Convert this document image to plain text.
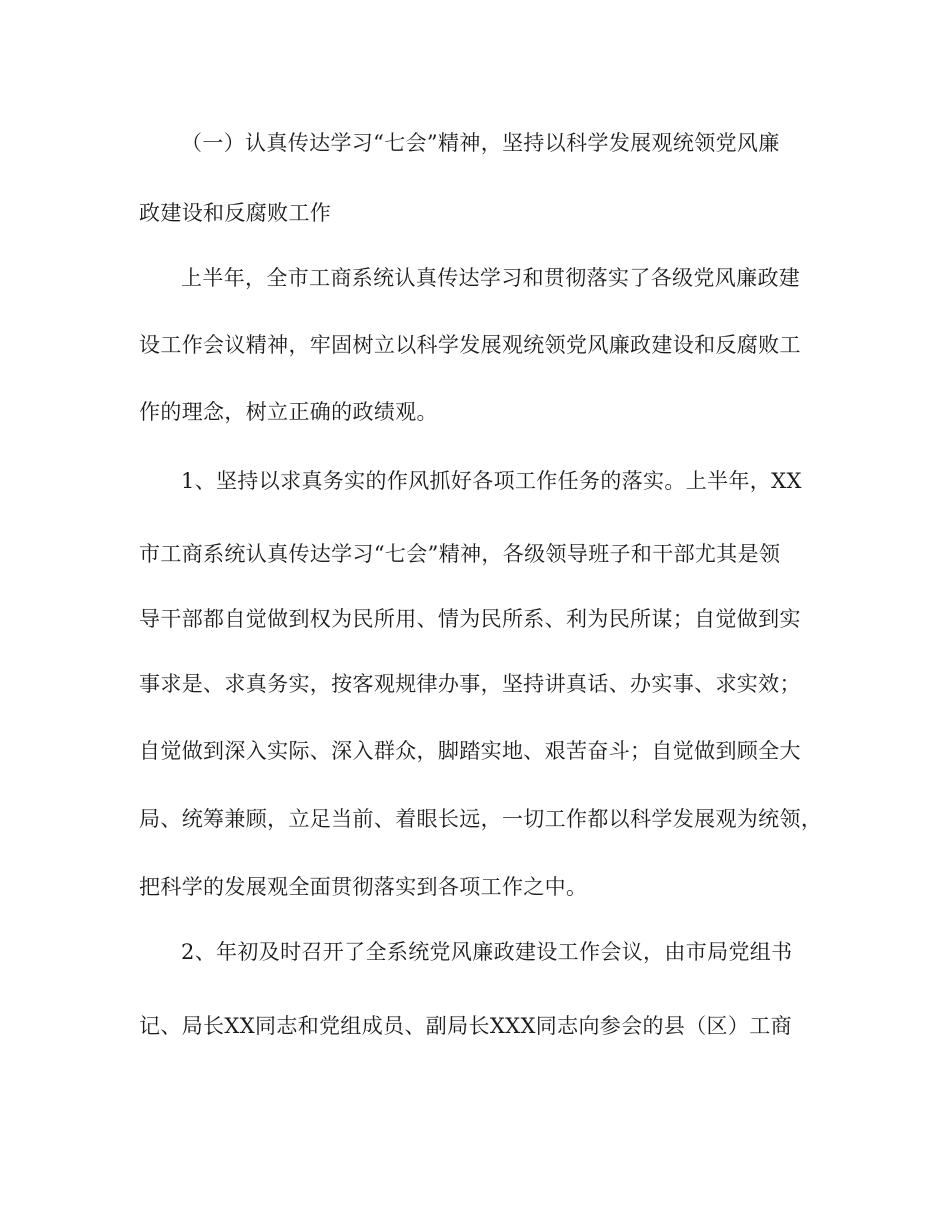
（一）认真传达学习“七会”精神，坚持以科学发展观统领党风廉
政建设和反腐败工作
上半年，全市工商系统认真传达学习和贯彻落实了各级党风廉政建
设工作会议精神，牢固树立以科学发展观统领党风廉政建设和反腐败工
作的理念，树立正确的政绩观。
1、坚持以求真务实的作风抓好各项工作任务的落实。上半年，XX
市工商系统认真传达学习“七会”精神，各级领导班子和干部尤其是领
导干部都自觉做到权为民所用、情为民所系、利为民所谋；自觉做到实
事求是、求真务实，按客观规律办事，坚持讲真话、办实事、求实效；
自觉做到深入实际、深入群众，脚踏实地、艰苦奋斗；自觉做到顾全大
局、统筹兼顾，立足当前、着眼长远，一切工作都以科学发展观为统领，
把科学的发展观全面贯彻落实到各项工作之中。
2、年初及时召开了全系统党风廉政建设工作会议，由市局党组书
记、局长XX同志和党组成员、副局长XXX同志向参会的县（区）工商
